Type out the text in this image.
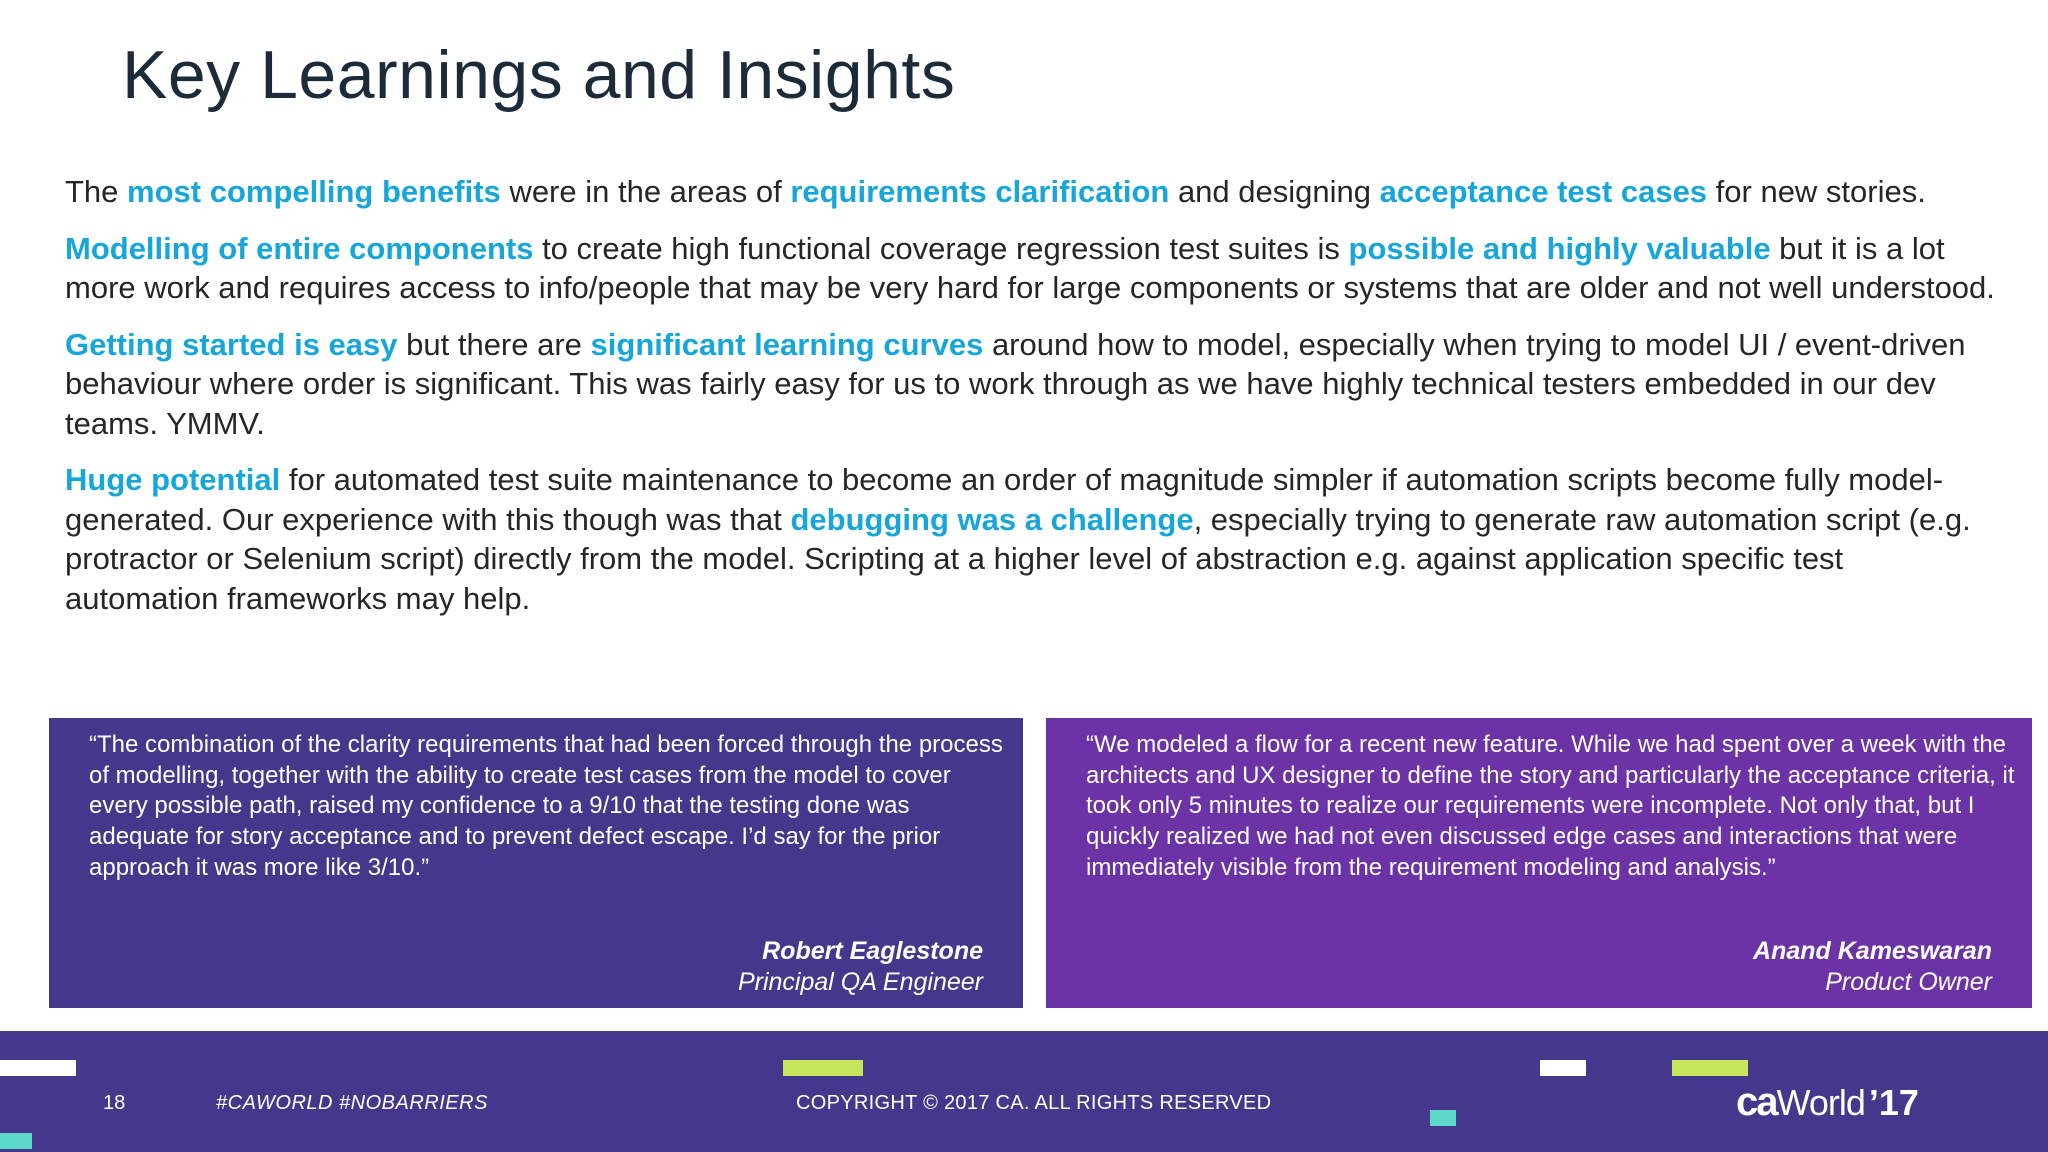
Key Learnings and Insights

The most compelling benefits were in the areas of requirements clarification and designing acceptance test cases for new stories.

Modelling of entire components to create high functional coverage regression test suites is possible and highly valuable but it is a lot more work and requires access to info/people that may be very hard for large components or systems that are older and not well understood.

Getting started is easy but there are significant learning curves around how to model, especially when trying to model UI / event-driven behaviour where order is significant. This was fairly easy for us to work through as we have highly technical testers embedded in our dev teams. YMMV.

Huge potential for automated test suite maintenance to become an order of magnitude simpler if automation scripts become fully model-generated. Our experience with this though was that debugging was a challenge, especially trying to generate raw automation script (e.g. protractor or Selenium script) directly from the model. Scripting at a higher level of abstraction e.g. against application specific test automation frameworks may help.

“The combination of the clarity requirements that had been forced through the process of modelling, together with the ability to create test cases from the model to cover every possible path, raised my confidence to a 9/10 that the testing done was adequate for story acceptance and to prevent defect escape. I’d say for the prior approach it was more like 3/10.”

Robert Eaglestone

Principal QA Engineer

“We modeled a flow for a recent new feature. While we had spent over a week with the architects and UX designer to define the story and particularly the acceptance criteria, it took only 5 minutes to realize our requirements were incomplete. Not only that, but I quickly realized we had not even discussed edge cases and interactions that were immediately visible from the requirement modeling and analysis.”

Anand Kameswaran

Product Owner

18	#CAWORLD #NOBARRIERS	COPYRIGHT © 2017 CA. ALL RIGHTS RESERVED	caWorld ’17
